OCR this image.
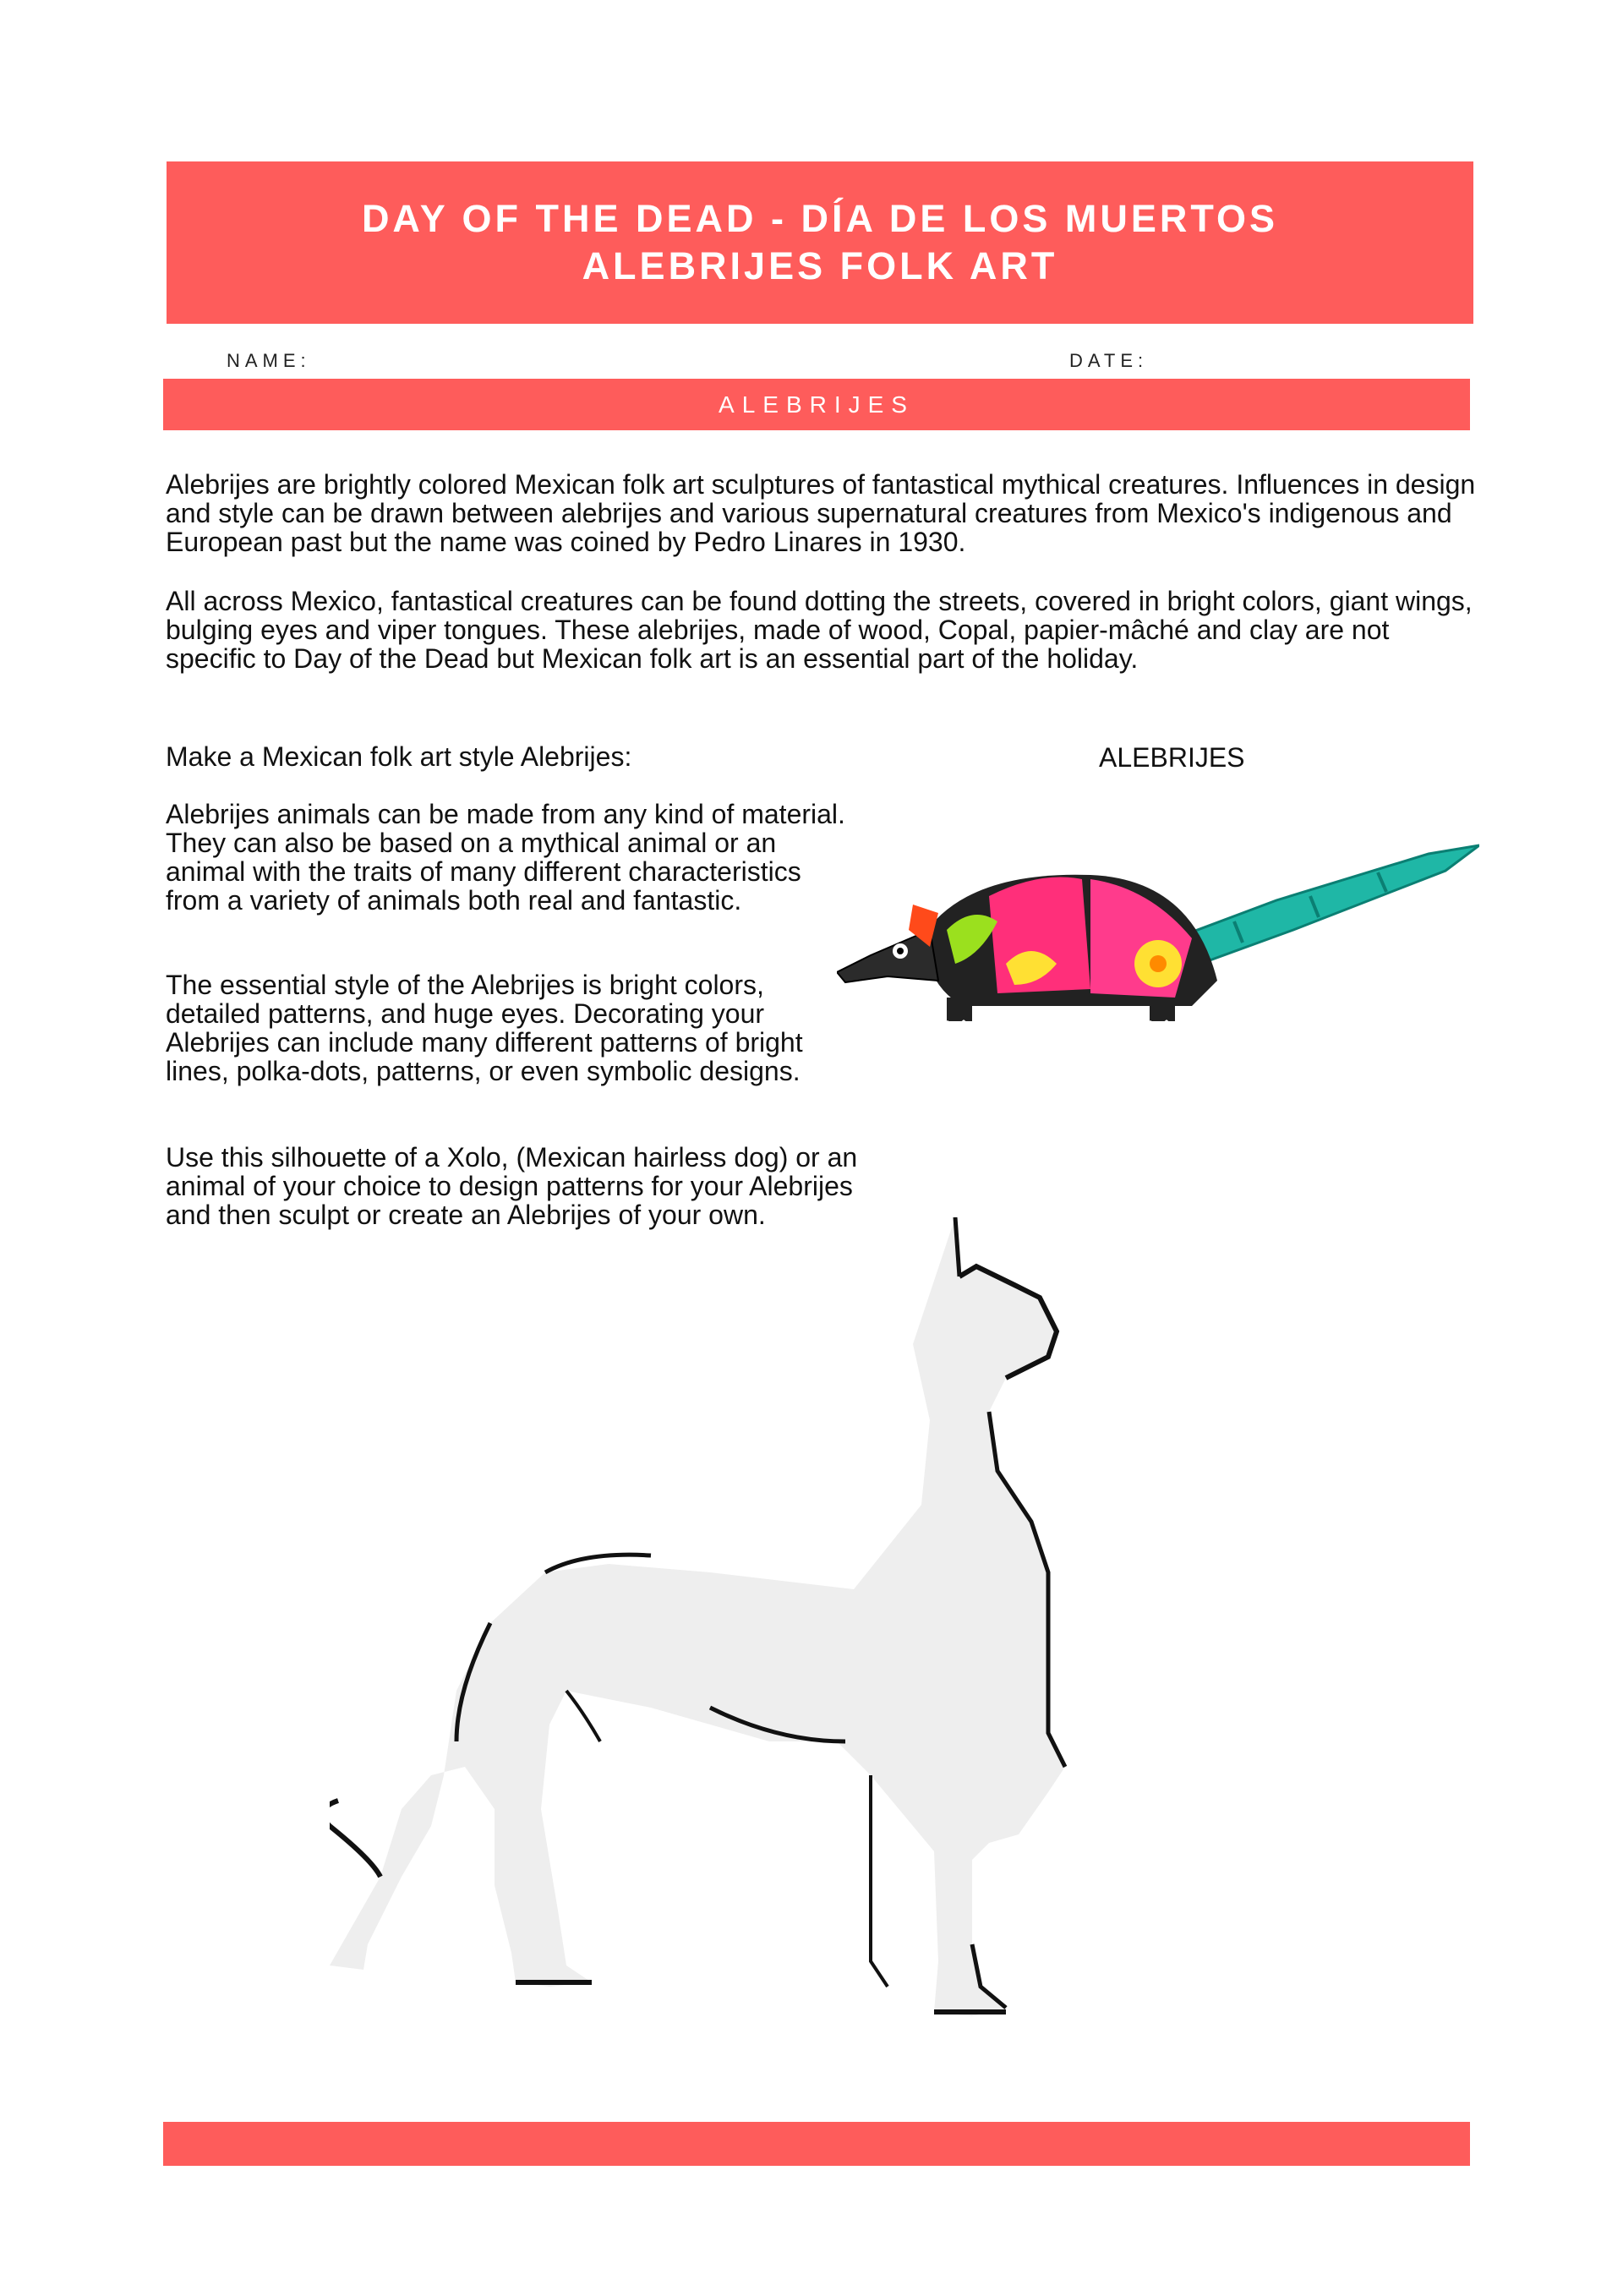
DAY OF THE DEAD - DÍA DE LOS MUERTOS
ALEBRIJES FOLK ART
NAME:	DATE:
ALEBRIJES

Alebrijes are brightly colored Mexican folk art sculptures of fantastical mythical creatures. Influences in design and style can be drawn between alebrijes and various supernatural creatures from Mexico's indigenous and European past but the name was coined by Pedro Linares in 1930.

All across Mexico, fantastical creatures can be found dotting the streets, covered in bright colors, giant wings, bulging eyes and viper tongues. These alebrijes, made of wood, Copal, papier-mâché and clay are not specific to Day of the Dead but Mexican folk art is an essential part of the holiday.

Make a Mexican folk art style Alebrijes:

Alebrijes animals can be made from any kind of material. They can also be based on a mythical animal or an animal with the traits of many different characteristics from a variety of animals both real and fantastic.

The essential style of the Alebrijes is bright colors, detailed patterns, and huge eyes. Decorating your Alebrijes can include many different patterns of bright lines, polka-dots, patterns, or even symbolic designs.

Use this silhouette of a Xolo, (Mexican hairless dog) or an animal of your choice to design patterns for your Alebrijes and then sculpt or create an Alebrijes of your own.

ALEBRIJES
